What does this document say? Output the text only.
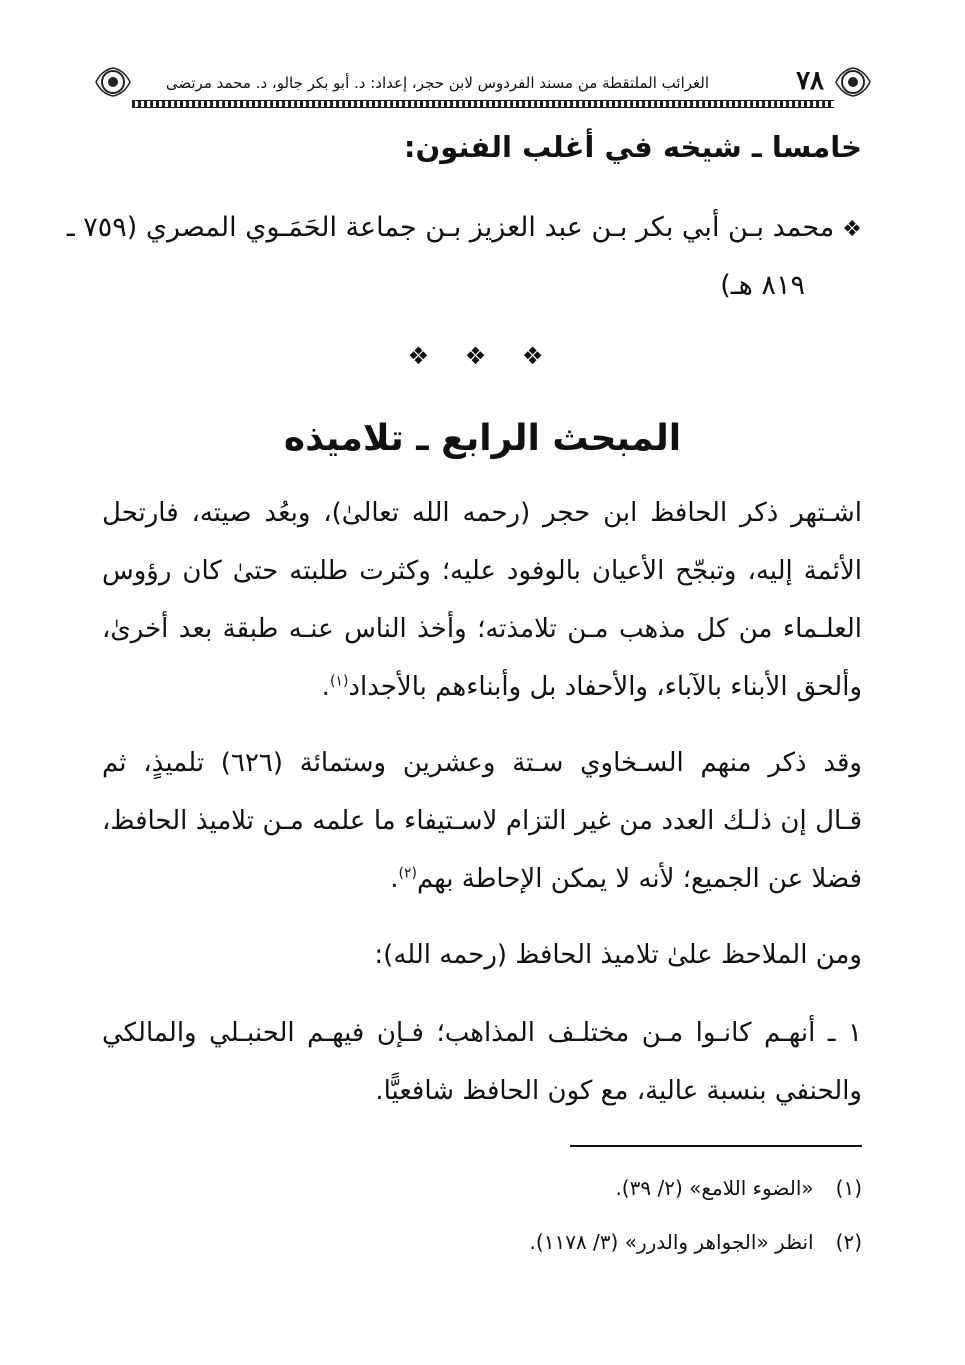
٧٨
الغرائب الملتقطة من مسند الفردوس لابن حجر، إعداد: د. أبو بكر جالو، د. محمد مرتضى
خامسا ـ شيخه في أغلب الفنون:
❖محمد بـن أبي بكر بـن عبد العزيز بـن جماعة الحَمَـوي المصري (٧٥٩ ـ
٨١٩ هـ)
❖ ❖ ❖
المبحث الرابع ـ تلاميذه
اشـتهر ذكر الحافظ ابن حجر (رحمه الله تعالىٰ)، وبعُد صيته، فارتحل
الأئمة إليه، وتبجّح الأعيان بالوفود عليه؛ وكثرت طلبته حتىٰ كان رؤوس
العلـماء من كل مذهب مـن تلامذته؛ وأخذ الناس عنـه طبقة بعد أخرىٰ،
وألحق الأبناء بالآباء، والأحفاد بل وأبناءهم بالأجداد$^{(١)}$.
وقد ذكر منهم السـخاوي سـتة وعشرين وستمائة (٦٢٦) تلميذٍ، ثم
قـال إن ذلـك العدد من غير التزام لاسـتيفاء ما علمه مـن تلاميذ الحافظ،
فضلا عن الجميع؛ لأنه لا يمكن الإحاطة بهم$^{(٢)}$.
ومن الملاحظ علىٰ تلاميذ الحافظ (رحمه الله):
١ ـ أنهـم كانـوا مـن مختلـف المذاهب؛ فـإن فيهـم الحنبـلي والمالكي
والحنفي بنسبة عالية، مع كون الحافظ شافعيًّا.
(١)«الضوء اللامع» (٢/ ٣٩).
(٢)انظر «الجواهر والدرر» (٣/ ١١٧٨).
